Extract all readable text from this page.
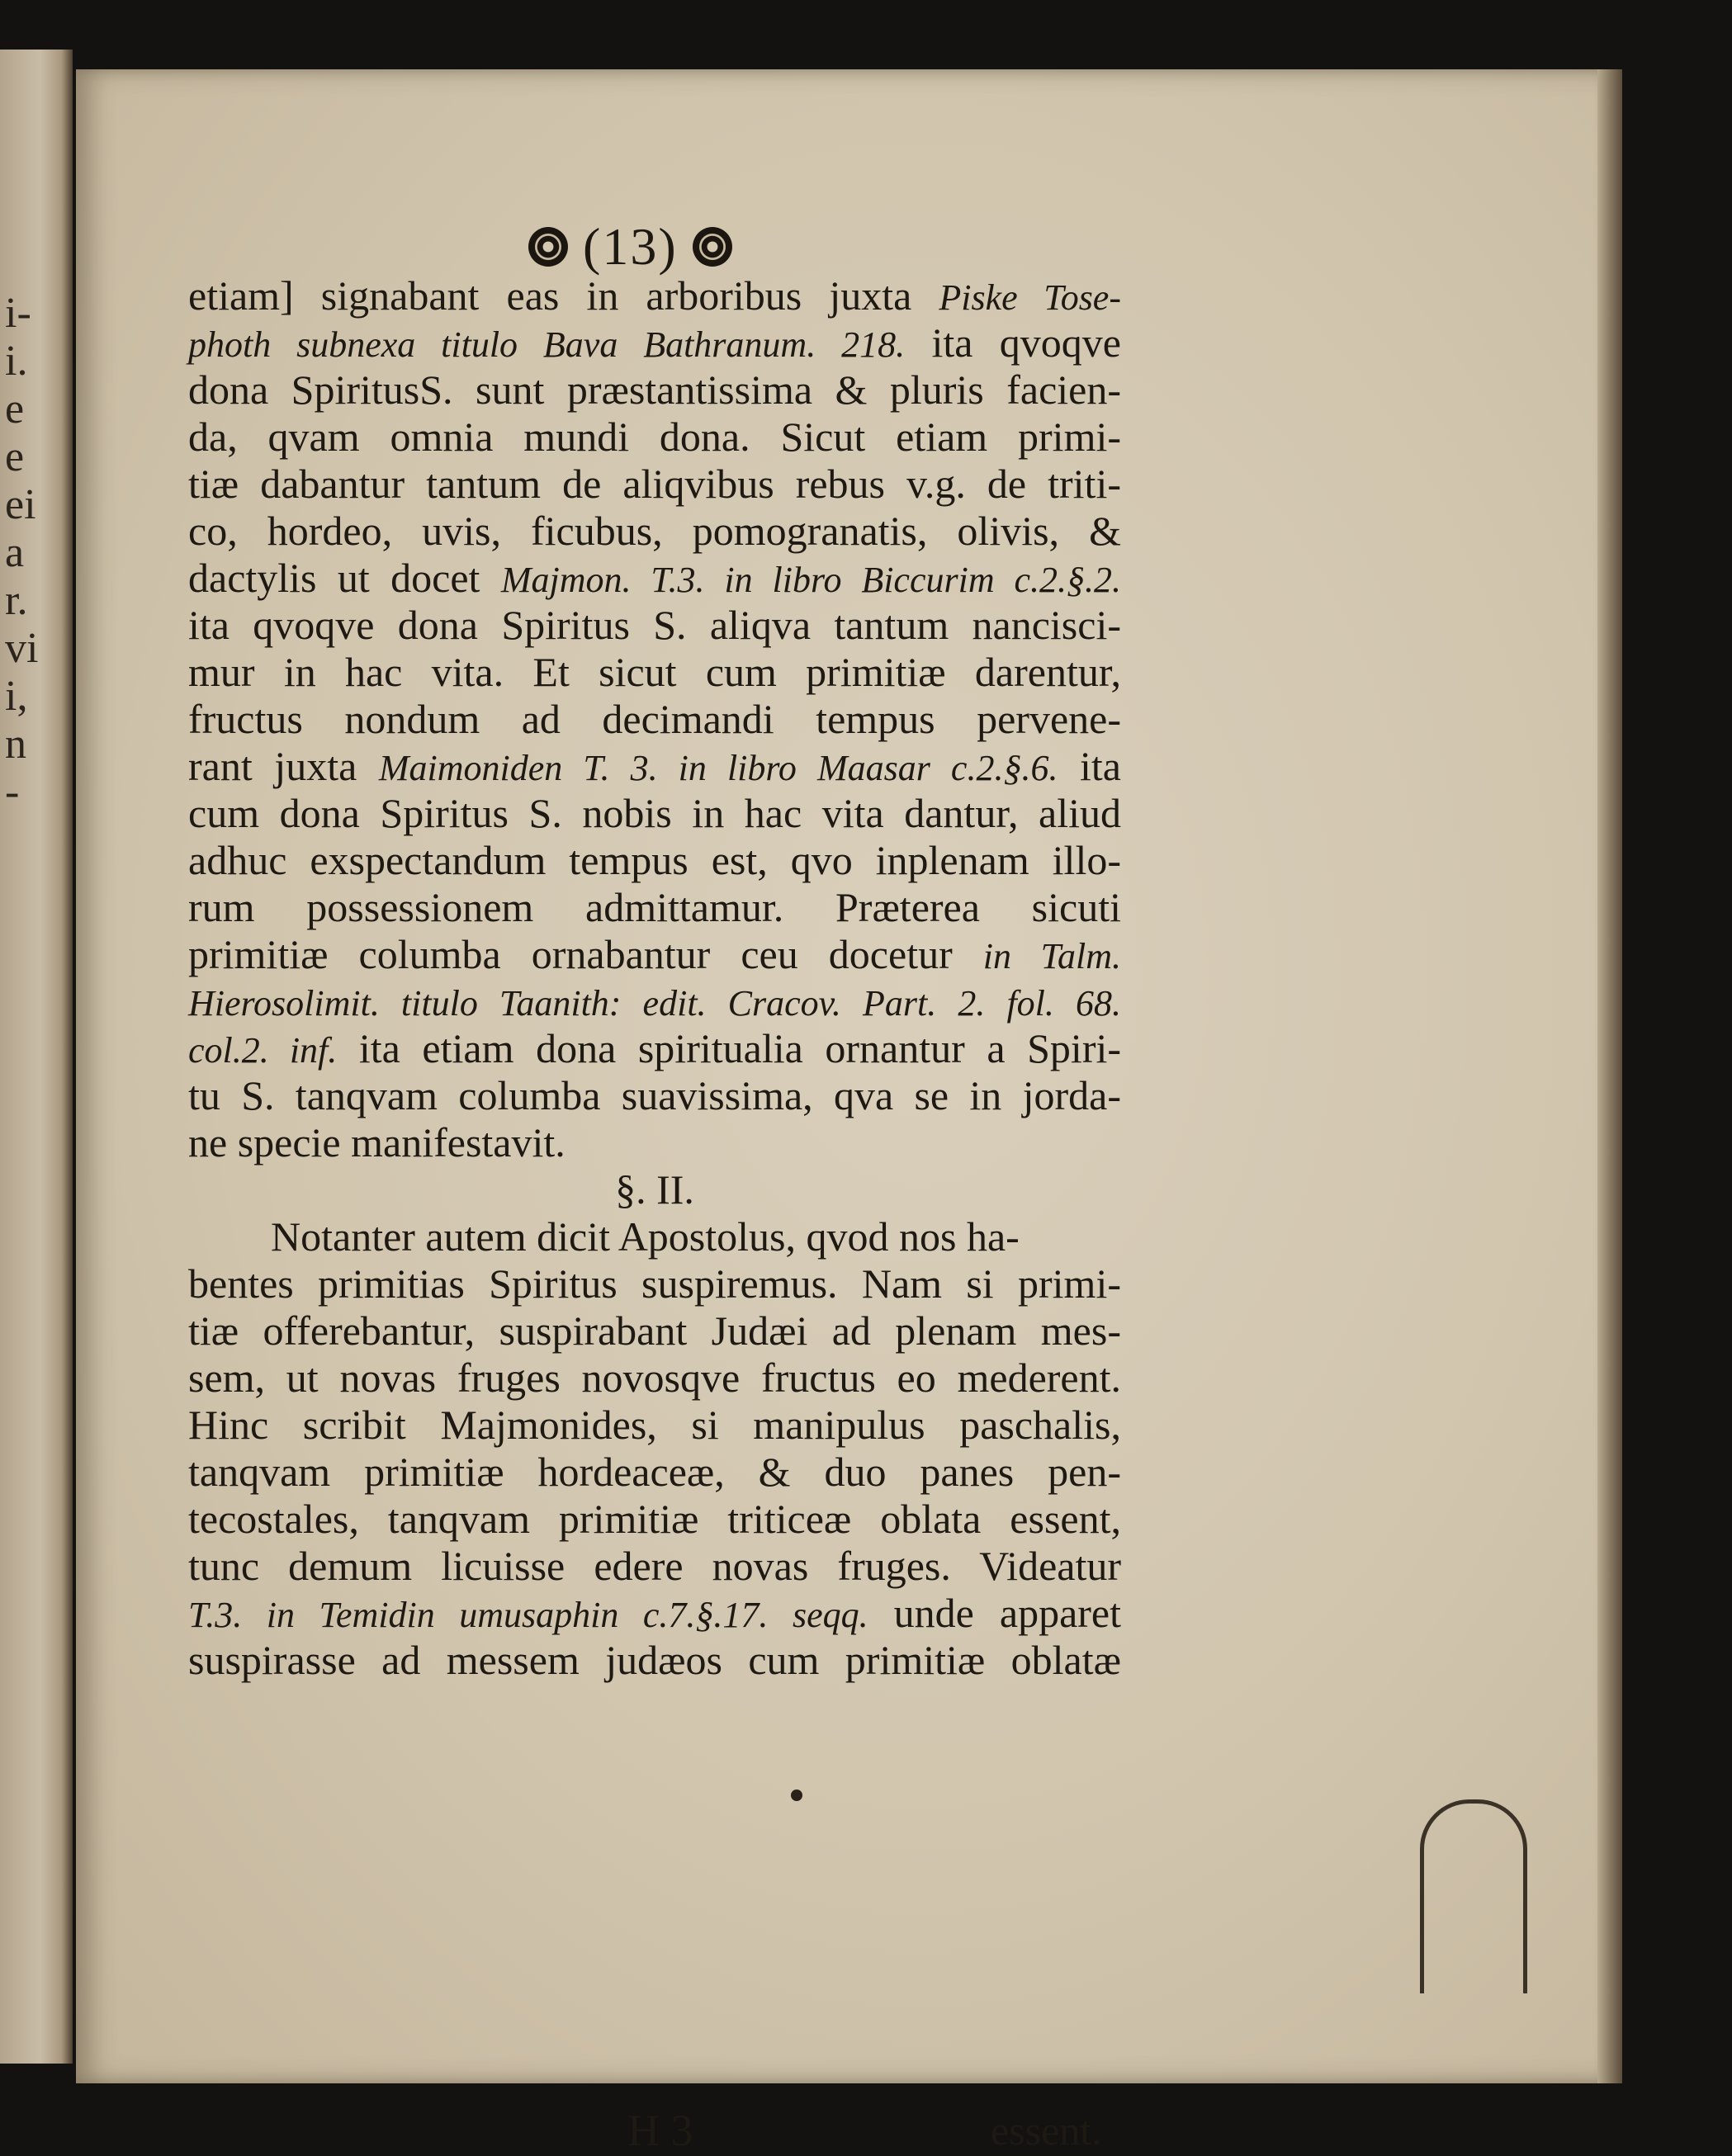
i-
i.
e
e
ei
a
r.
vi
i,
n
-
(13)
etiam] signabant eas in arboribus juxta Piske Tose-
photh subnexa titulo Bava Bathranum. 218. ita qvoqve
dona SpiritusS. sunt præstantissima & pluris facien-
da, qvam omnia mundi dona. Sicut etiam primi-
tiæ dabantur tantum de aliqvibus rebus v.g. de triti-
co, hordeo, uvis, ficubus, pomogranatis, olivis, &
dactylis ut docet Majmon. T.3. in libro Biccurim c.2.§.2.
ita qvoqve dona Spiritus S. aliqva tantum nancisci-
mur in hac vita. Et sicut cum primitiæ darentur,
fructus nondum ad decimandi tempus pervene-
rant juxta Maimoniden T. 3. in libro Maasar c.2.§.6. ita
cum dona Spiritus S. nobis in hac vita dantur, aliud
adhuc exspectandum tempus est, qvo inplenam illo-
rum possessionem admittamur. Præterea sicuti
primitiæ columba ornabantur ceu docetur in Talm.
Hierosolimit. titulo Taanith: edit. Cracov. Part. 2. fol. 68.
col.2. inf. ita etiam dona spiritualia ornantur a Spiri-
tu S. tanqvam columba suavissima, qva se in jorda-
ne specie manifestavit.
§. II.
Notanter autem dicit Apostolus, qvod nos ha-
bentes primitias Spiritus suspiremus. Nam si primi-
tiæ offerebantur, suspirabant Judæi ad plenam mes-
sem, ut novas fruges novosqve fructus eo mederent.
Hinc scribit Majmonides, si manipulus paschalis,
tanqvam primitiæ hordeaceæ, & duo panes pen-
tecostales, tanqvam primitiæ triticeæ oblata essent,
tunc demum licuisse edere novas fruges. Videatur
T.3. in Temidin umusaphin c.7.§.17. seqq. unde apparet
suspirasse ad messem judæos cum primitiæ oblatæ
H 3	essent.
